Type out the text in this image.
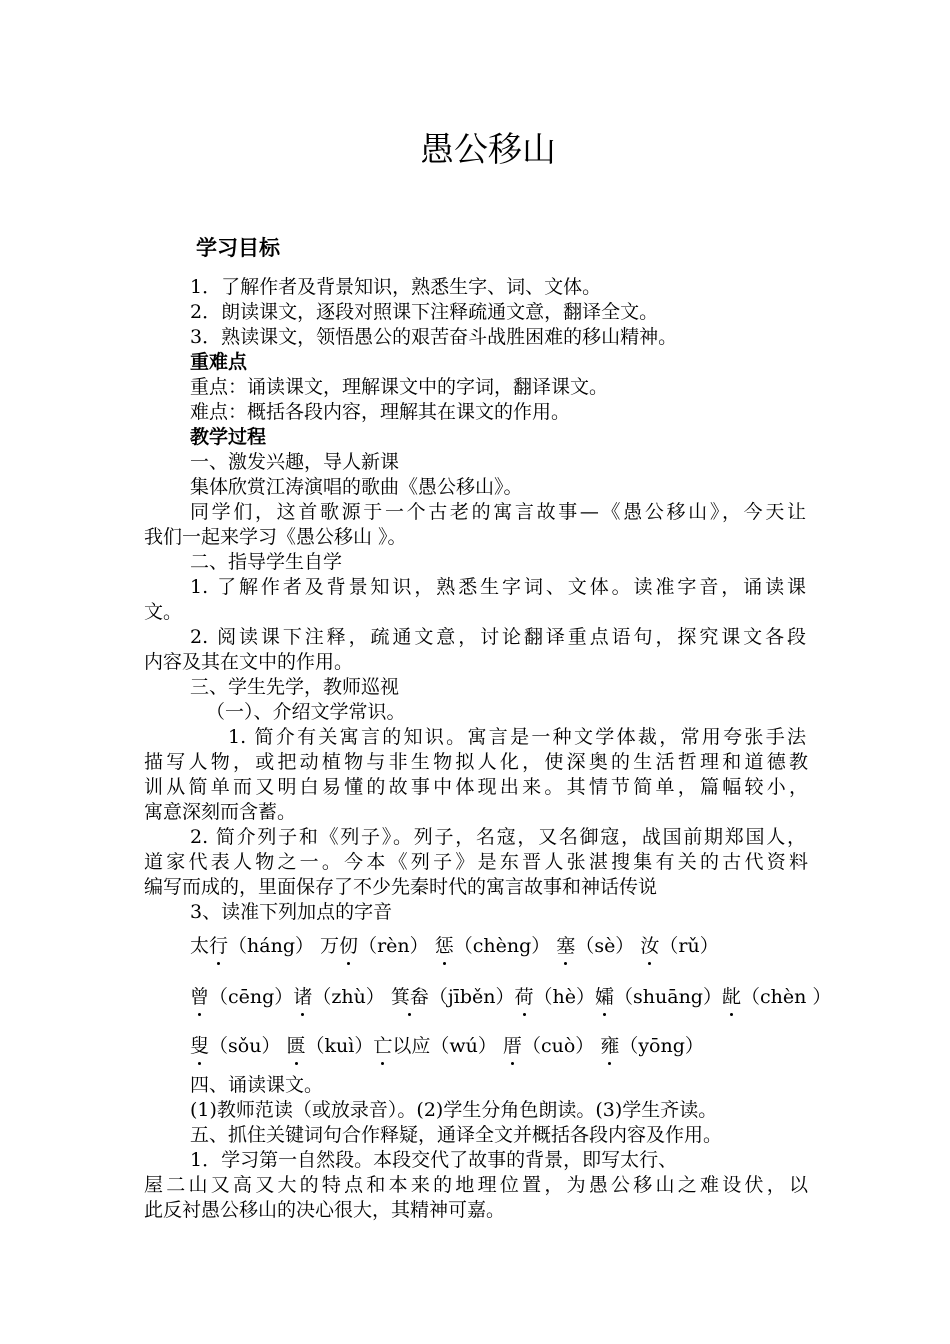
愚公移山
学习目标
1．了解作者及背景知识，熟悉生字、词、文体。
2．朗读课文，逐段对照课下注释疏通文意，翻译全文。
3．熟读课文，领悟愚公的艰苦奋斗战胜困难的移山精神。
重难点
重点：诵读课文，理解课文中的字词，翻译课文。
难点：概括各段内容，理解其在课文的作用。
教学过程
一、激发兴趣，导人新课
集体欣赏江涛演唱的歌曲《愚公移山》。
同学们，这首歌源于一个古老的寓言故事—《愚公移山》，今天让
我们一起来学习《愚公移山 》。
二、指导学生自学
1. 了解作者及背景知识，熟悉生字词、文体。读准字音，诵读课
文。
2. 阅读课下注释，疏通文意，讨论翻译重点语句，探究课文各段
内容及其在文中的作用。
三、学生先学，教师巡视
（一）、介绍文学常识。
1. 简介有关寓言的知识。寓言是一种文学体裁，常用夸张手法
描写人物，或把动植物与非生物拟人化，使深奥的生活哲理和道德教
训从简单而又明白易懂的故事中体现出来。其情节简单，篇幅较小，
寓意深刻而含蓄。
2. 简介列子和《列子》。列子，名寇，又名御寇，战国前期郑国人，
道家代表人物之一。今本《列子》是东晋人张湛搜集有关的古代资料
编写而成的，里面保存了不少先秦时代的寓言故事和神话传说
3、读准下列加点的字音
太行（háng） 万仞（rèn） 惩（chèng） 塞（sè） 汝（rǔ）
曾（cēng）诸（zhù） 箕畚（jīběn）荷（hè）孀（shuāng）龀（chèn ）
叟（sǒu） 匮（kuì）亡以应（wú） 厝（cuò） 雍（yōng）
四、诵读课文。
(1)教师范读（或放录音）。(2)学生分角色朗读。(3)学生齐读。
五、抓住关键词句合作释疑，通译全文并概括各段内容及作用。
1．学习第一自然段。本段交代了故事的背景，即写太行、
屋二山又高又大的特点和本来的地理位置，为愚公移山之难设伏，以
此反衬愚公移山的决心很大，其精神可嘉。
